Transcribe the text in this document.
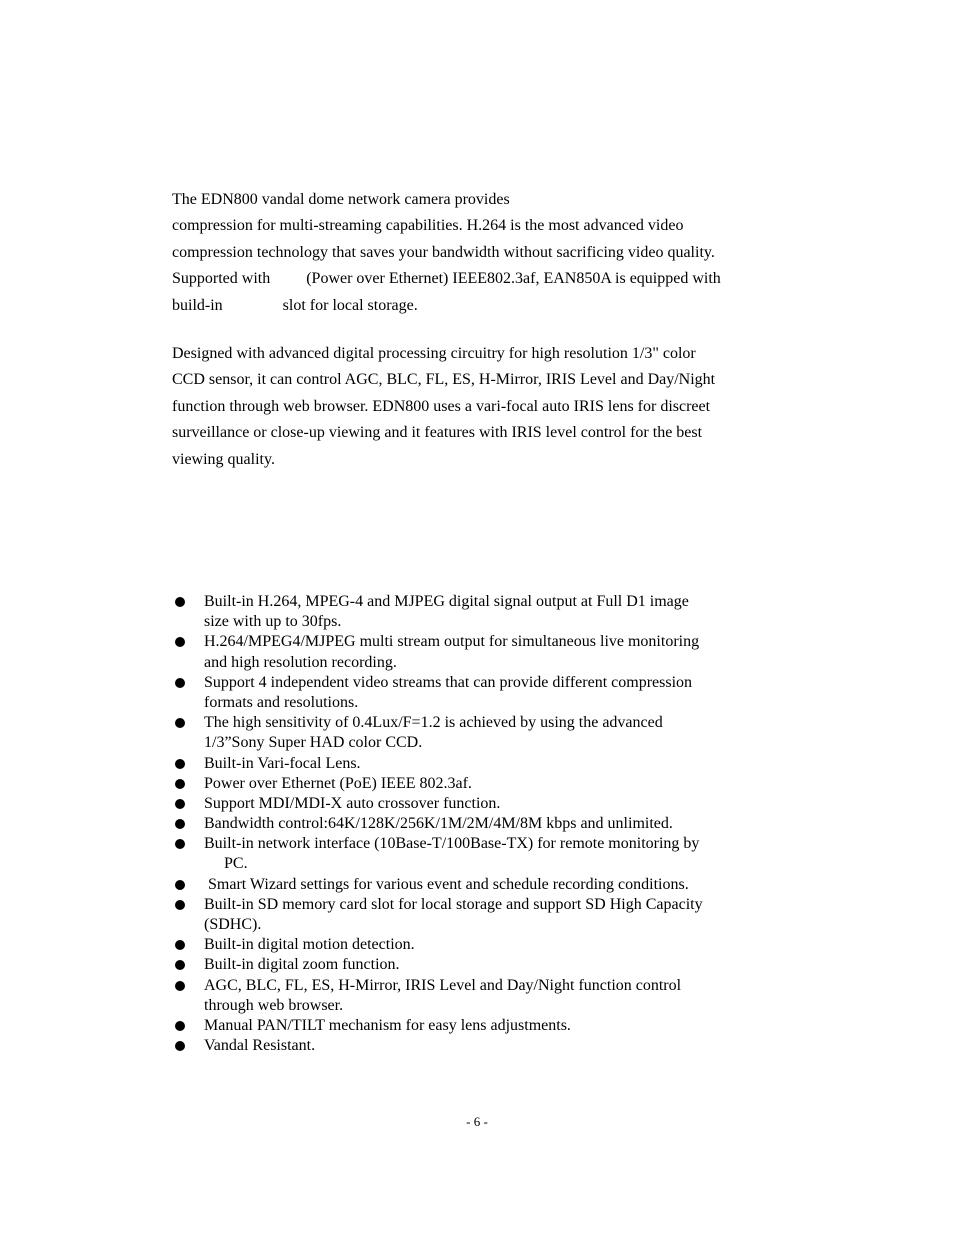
The EDN800 vandal dome network camera provides
compression for multi-streaming capabilities. H.264 is the most advanced video
compression technology that saves your bandwidth without sacrificing video quality.
Supported with         (Power over Ethernet) IEEE802.3af, EAN850A is equipped with
build-in               slot for local storage.
Designed with advanced digital processing circuitry for high resolution 1/3" color
CCD sensor, it can control AGC, BLC, FL, ES, H-Mirror, IRIS Level and Day/Night
function through web browser. EDN800 uses a vari-focal auto IRIS lens for discreet
surveillance or close-up viewing and it features with IRIS level control for the best
viewing quality.
Built-in H.264, MPEG-4 and MJPEG digital signal output at Full D1 image
size with up to 30fps.
H.264/MPEG4/MJPEG multi stream output for simultaneous live monitoring
and high resolution recording.
Support 4 independent video streams that can provide different compression
formats and resolutions.
The high sensitivity of 0.4Lux/F=1.2 is achieved by using the advanced
1/3”Sony Super HAD color CCD.
Built-in Vari-focal Lens.
Power over Ethernet (PoE) IEEE 802.3af.
Support MDI/MDI-X auto crossover function.
Bandwidth control:64K/128K/256K/1M/2M/4M/8M kbps and unlimited.
Built-in network interface (10Base-T/100Base-TX) for remote monitoring by
PC.
Smart Wizard settings for various event and schedule recording conditions.
Built-in SD memory card slot for local storage and support SD High Capacity
(SDHC).
Built-in digital motion detection.
Built-in digital zoom function.
AGC, BLC, FL, ES, H-Mirror, IRIS Level and Day/Night function control
through web browser.
Manual PAN/TILT mechanism for easy lens adjustments.
Vandal Resistant.
- 6 -
